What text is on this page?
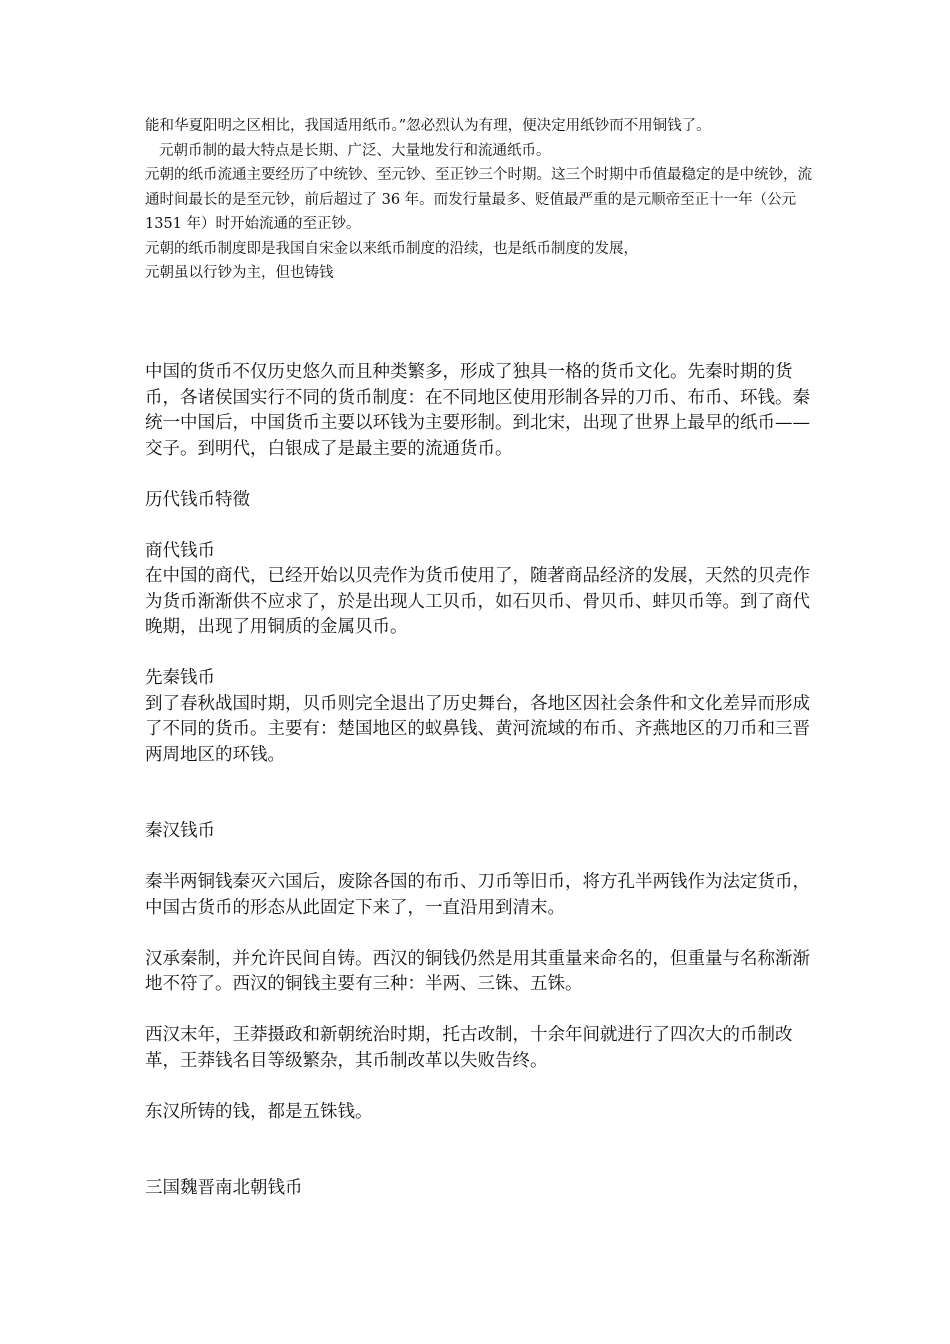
能和华夏阳明之区相比，我国适用纸币。”忽必烈认为有理，便决定用纸钞而不用铜钱了。

元朝币制的最大特点是长期、广泛、大量地发行和流通纸币。

元朝的纸币流通主要经历了中统钞、至元钞、至正钞三个时期。这三个时期中币值最稳定的是中统钞，流通时间最长的是至元钞，前后超过了 36 年。而发行量最多、贬值最严重的是元顺帝至正十一年（公元 1351 年）时开始流通的至正钞。

元朝的纸币制度即是我国自宋金以来纸币制度的沿续，也是纸币制度的发展，

元朝虽以行钞为主，但也铸钱

中国的货币不仅历史悠久而且种类繁多，形成了独具一格的货币文化。先秦时期的货币，各诸侯国实行不同的货币制度：在不同地区使用形制各异的刀币、布币、环钱。秦统一中国后，中国货币主要以环钱为主要形制。到北宋，出现了世界上最早的纸币——交子。到明代，白银成了是最主要的流通货币。

历代钱币特徵

商代钱币

在中国的商代，已经开始以贝壳作为货币使用了，随著商品经济的发展，天然的贝壳作为货币渐渐供不应求了，於是出现人工贝币，如石贝币、骨贝币、蚌贝币等。到了商代晚期，出现了用铜质的金属贝币。

先秦钱币

到了春秋战国时期，贝币则完全退出了历史舞台，各地区因社会条件和文化差异而形成了不同的货币。主要有：楚国地区的蚁鼻钱、黄河流域的布币、齐燕地区的刀币和三晋两周地区的环钱。

秦汉钱币

秦半两铜钱秦灭六国后，废除各国的布币、刀币等旧币，将方孔半两钱作为法定货币，中国古货币的形态从此固定下来了，一直沿用到清末。

汉承秦制，并允许民间自铸。西汉的铜钱仍然是用其重量来命名的，但重量与名称渐渐地不符了。西汉的铜钱主要有三种：半两、三铢、五铢。

西汉末年，王莽摄政和新朝统治时期，托古改制，十余年间就进行了四次大的币制改革，王莽钱名目等级繁杂，其币制改革以失败告终。

东汉所铸的钱，都是五铢钱。

三国魏晋南北朝钱币
